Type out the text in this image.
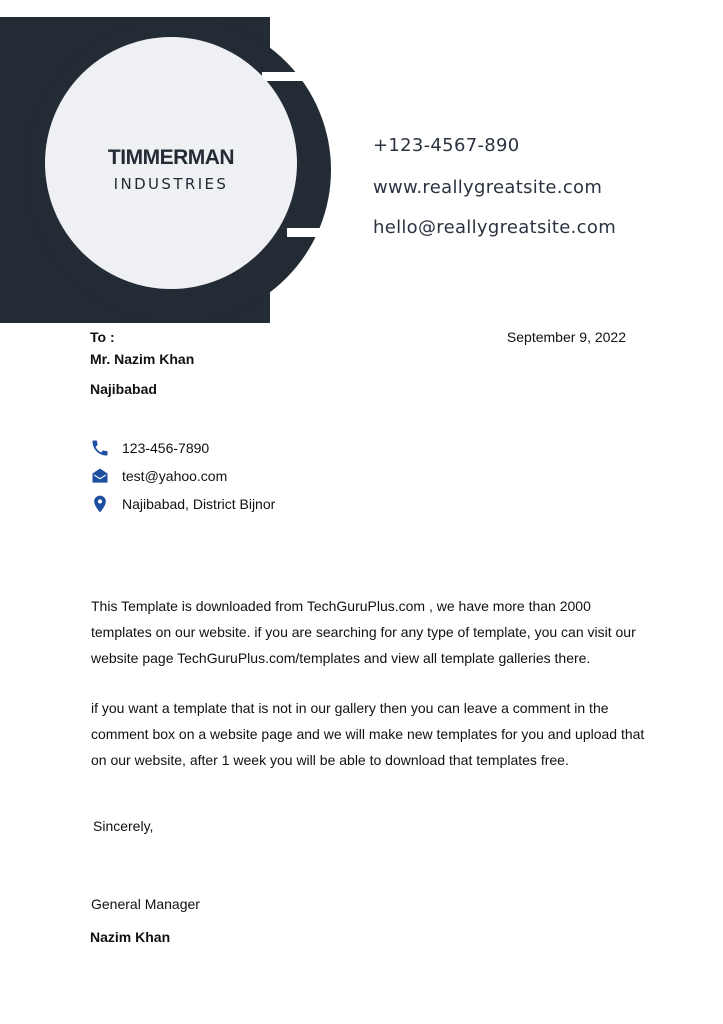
TIMMERMAN
INDUSTRIES
+123-4567-890
www.reallygreatsite.com
hello@reallygreatsite.com
To :
Mr. Nazim Khan
Najibabad
September 9, 2022
123-456-7890
test@yahoo.com
Najibabad, District Bijnor
This Template is downloaded from TechGuruPlus.com , we have more than 2000 templates on our website. if you are searching for any type of template, you can visit our website page TechGuruPlus.com/templates and view all template galleries there.
if you want a template that is not in our gallery then you can leave a comment in the comment box on a website page and we will make new templates for you and upload that on our website, after 1 week you will be able to download that templates free.
Sincerely,
General Manager
Nazim Khan
